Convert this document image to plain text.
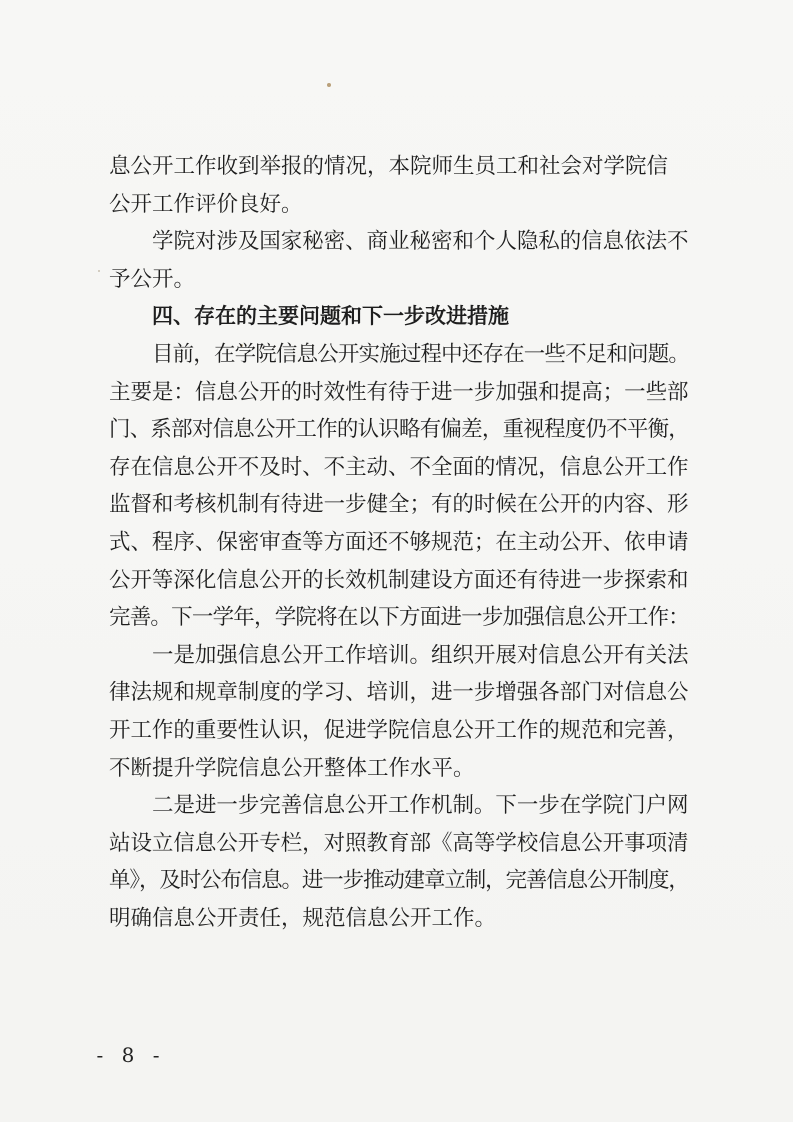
息公开工作收到举报的情况，本院师生员工和社会对学院信
公开工作评价良好。
学院对涉及国家秘密、商业秘密和个人隐私的信息依法不
予公开。
四、存在的主要问题和下一步改进措施
目前，在学院信息公开实施过程中还存在一些不足和问题。
主要是：信息公开的时效性有待于进一步加强和提高；一些部
门、系部对信息公开工作的认识略有偏差，重视程度仍不平衡，
存在信息公开不及时、不主动、不全面的情况，信息公开工作
监督和考核机制有待进一步健全；有的时候在公开的内容、形
式、程序、保密审查等方面还不够规范；在主动公开、依申请
公开等深化信息公开的长效机制建设方面还有待进一步探索和
完善。下一学年，学院将在以下方面进一步加强信息公开工作：
一是加强信息公开工作培训。组织开展对信息公开有关法
律法规和规章制度的学习、培训，进一步增强各部门对信息公
开工作的重要性认识，促进学院信息公开工作的规范和完善，
不断提升学院信息公开整体工作水平。
二是进一步完善信息公开工作机制。下一步在学院门户网
站设立信息公开专栏，对照教育部《高等学校信息公开事项清
单》，及时公布信息。进一步推动建章立制，完善信息公开制度，
明确信息公开责任，规范信息公开工作。
- 8 -
